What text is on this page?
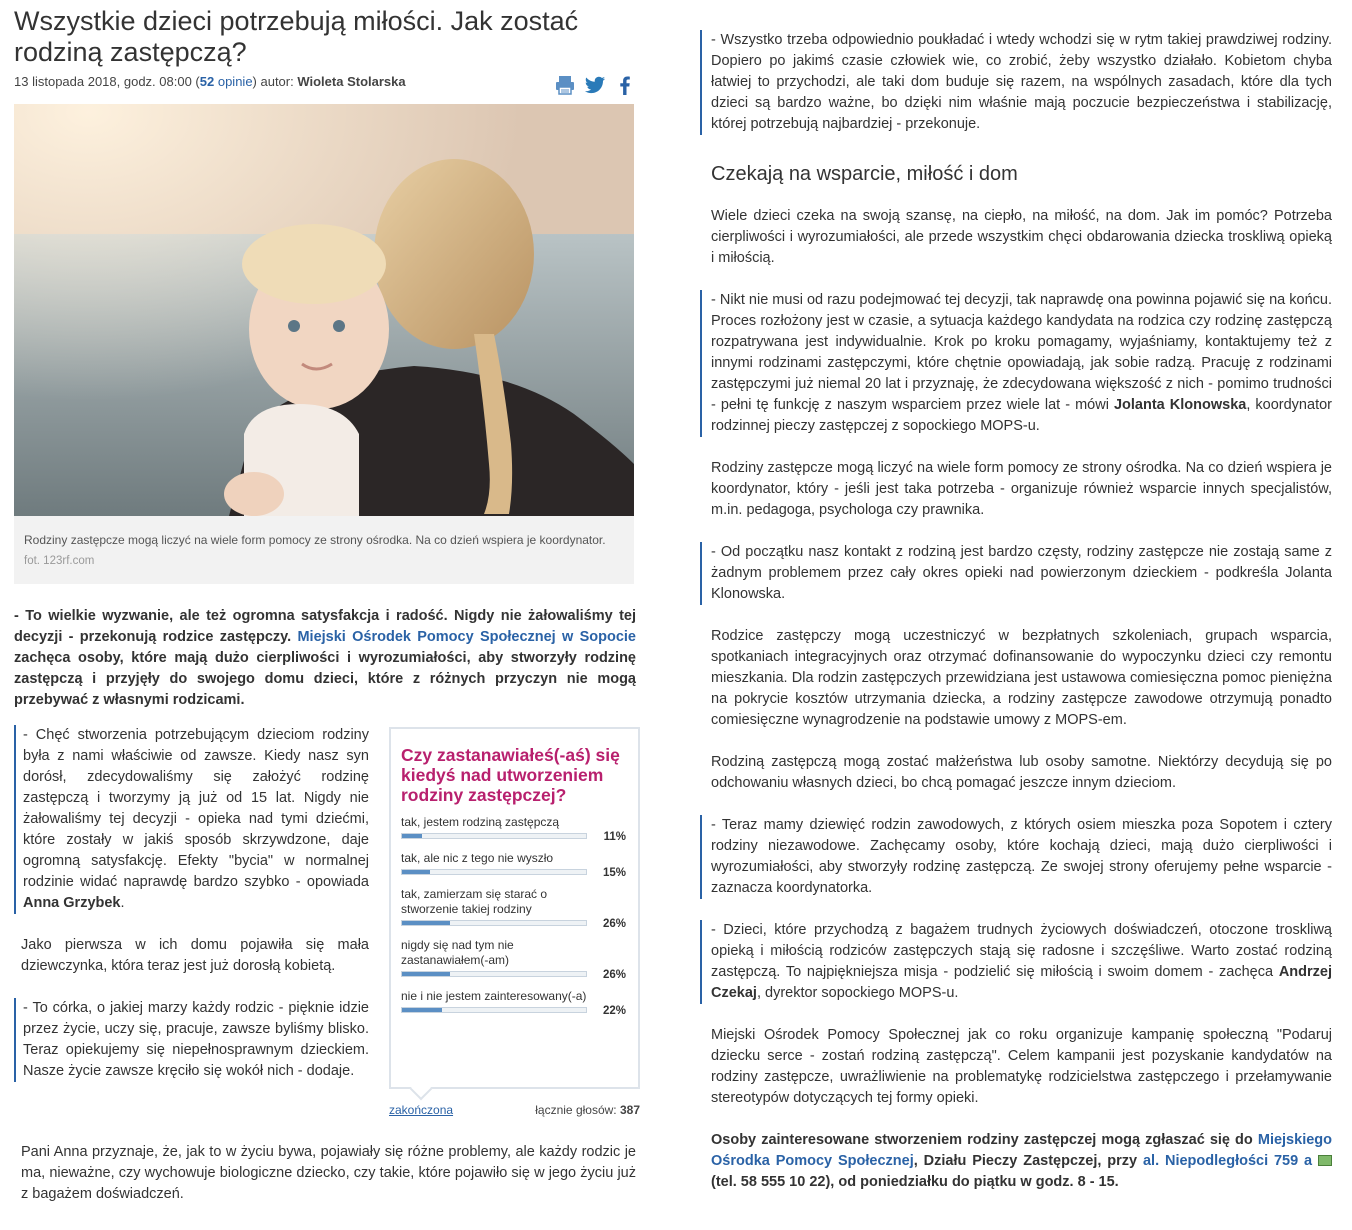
Wszystkie dzieci potrzebują miłości. Jak zostać rodziną zastępczą?
13 listopada 2018, godz. 08:00 (52 opinie) autor: Wioleta Stolarska
Rodziny zastępcze mogą liczyć na wiele form pomocy ze strony ośrodka. Na co dzień wspiera je koordynator.
fot. 123rf.com

- To wielkie wyzwanie, ale też ogromna satysfakcja i radość. Nigdy nie żałowaliśmy tej decyzji - przekonują rodzice zastępczy. Miejski Ośrodek Pomocy Społecznej w Sopocie zachęca osoby, które mają dużo cierpliwości i wyrozumiałości, aby stworzyły rodzinę zastępczą i przyjęły do swojego domu dzieci, które z różnych przyczyn nie mogą przebywać z własnymi rodzicami.

- Chęć stworzenia potrzebującym dzieciom rodziny była z nami właściwie od zawsze. Kiedy nasz syn dorósł, zdecydowaliśmy się założyć rodzinę zastępczą i tworzymy ją już od 15 lat. Nigdy nie żałowaliśmy tej decyzji - opieka nad tymi dziećmi, które zostały w jakiś sposób skrzywdzone, daje ogromną satysfakcję. Efekty "bycia" w normalnej rodzinie widać naprawdę bardzo szybko - opowiada Anna Grzybek.

Jako pierwsza w ich domu pojawiła się mała dziewczynka, która teraz jest już dorosłą kobietą.

- To córka, o jakiej marzy każdy rodzic - pięknie idzie przez życie, uczy się, pracuje, zawsze byliśmy blisko. Teraz opiekujemy się niepełnosprawnym dzieckiem. Nasze życie zawsze kręciło się wokół nich - dodaje.

Czy zastanawiałeś(-aś) się kiedyś nad utworzeniem rodziny zastępczej?
tak, jestem rodziną zastępczą
11%
tak, ale nic z tego nie wyszło
15%
tak, zamierzam się starać o stworzenie takiej rodziny
26%
nigdy się nad tym nie zastanawiałem(-am)
26%
nie i nie jestem zainteresowany(-a)
22%
zakończona	łącznie głosów: 387

Pani Anna przyznaje, że, jak to w życiu bywa, pojawiały się różne problemy, ale każdy rodzic je ma, nieważne, czy wychowuje biologiczne dziecko, czy takie, które pojawiło się w jego życiu już z bagażem doświadczeń.

- Wszystko trzeba odpowiednio poukładać i wtedy wchodzi się w rytm takiej prawdziwej rodziny. Dopiero po jakimś czasie człowiek wie, co zrobić, żeby wszystko działało. Kobietom chyba łatwiej to przychodzi, ale taki dom buduje się razem, na wspólnych zasadach, które dla tych dzieci są bardzo ważne, bo dzięki nim właśnie mają poczucie bezpieczeństwa i stabilizację, której potrzebują najbardziej - przekonuje.

Czekają na wsparcie, miłość i dom

Wiele dzieci czeka na swoją szansę, na ciepło, na miłość, na dom. Jak im pomóc? Potrzeba cierpliwości i wyrozumiałości, ale przede wszystkim chęci obdarowania dziecka troskliwą opieką i miłością.

- Nikt nie musi od razu podejmować tej decyzji, tak naprawdę ona powinna pojawić się na końcu. Proces rozłożony jest w czasie, a sytuacja każdego kandydata na rodzica czy rodzinę zastępczą rozpatrywana jest indywidualnie. Krok po kroku pomagamy, wyjaśniamy, kontaktujemy też z innymi rodzinami zastępczymi, które chętnie opowiadają, jak sobie radzą. Pracuję z rodzinami zastępczymi już niemal 20 lat i przyznaję, że zdecydowana większość z nich - pomimo trudności - pełni tę funkcję z naszym wsparciem przez wiele lat - mówi Jolanta Klonowska, koordynator rodzinnej pieczy zastępczej z sopockiego MOPS-u.

Rodziny zastępcze mogą liczyć na wiele form pomocy ze strony ośrodka. Na co dzień wspiera je koordynator, który - jeśli jest taka potrzeba - organizuje również wsparcie innych specjalistów, m.in. pedagoga, psychologa czy prawnika.

- Od początku nasz kontakt z rodziną jest bardzo częsty, rodziny zastępcze nie zostają same z żadnym problemem przez cały okres opieki nad powierzonym dzieckiem - podkreśla Jolanta Klonowska.

Rodzice zastępczy mogą uczestniczyć w bezpłatnych szkoleniach, grupach wsparcia, spotkaniach integracyjnych oraz otrzymać dofinansowanie do wypoczynku dzieci czy remontu mieszkania. Dla rodzin zastępczych przewidziana jest ustawowa comiesięczna pomoc pieniężna na pokrycie kosztów utrzymania dziecka, a rodziny zastępcze zawodowe otrzymują ponadto comiesięczne wynagrodzenie na podstawie umowy z MOPS-em.

Rodziną zastępczą mogą zostać małżeństwa lub osoby samotne. Niektórzy decydują się po odchowaniu własnych dzieci, bo chcą pomagać jeszcze innym dzieciom.

- Teraz mamy dziewięć rodzin zawodowych, z których osiem mieszka poza Sopotem i cztery rodziny niezawodowe. Zachęcamy osoby, które kochają dzieci, mają dużo cierpliwości i wyrozumiałości, aby stworzyły rodzinę zastępczą. Ze swojej strony oferujemy pełne wsparcie - zaznacza koordynatorka.

- Dzieci, które przychodzą z bagażem trudnych życiowych doświadczeń, otoczone troskliwą opieką i miłością rodziców zastępczych stają się radosne i szczęśliwe. Warto zostać rodziną zastępczą. To najpiękniejsza misja - podzielić się miłością i swoim domem - zachęca Andrzej Czekaj, dyrektor sopockiego MOPS-u.

Miejski Ośrodek Pomocy Społecznej jak co roku organizuje kampanię społeczną "Podaruj dziecku serce - zostań rodziną zastępczą". Celem kampanii jest pozyskanie kandydatów na rodziny zastępcze, uwrażliwienie na problematykę rodzicielstwa zastępczego i przełamywanie stereotypów dotyczących tej formy opieki.

Osoby zainteresowane stworzeniem rodziny zastępczej mogą zgłaszać się do Miejskiego Ośrodka Pomocy Społecznej, Działu Pieczy Zastępczej, przy al. Niepodległości 759 a  (tel. 58 555 10 22), od poniedziałku do piątku w godz. 8 - 15.
